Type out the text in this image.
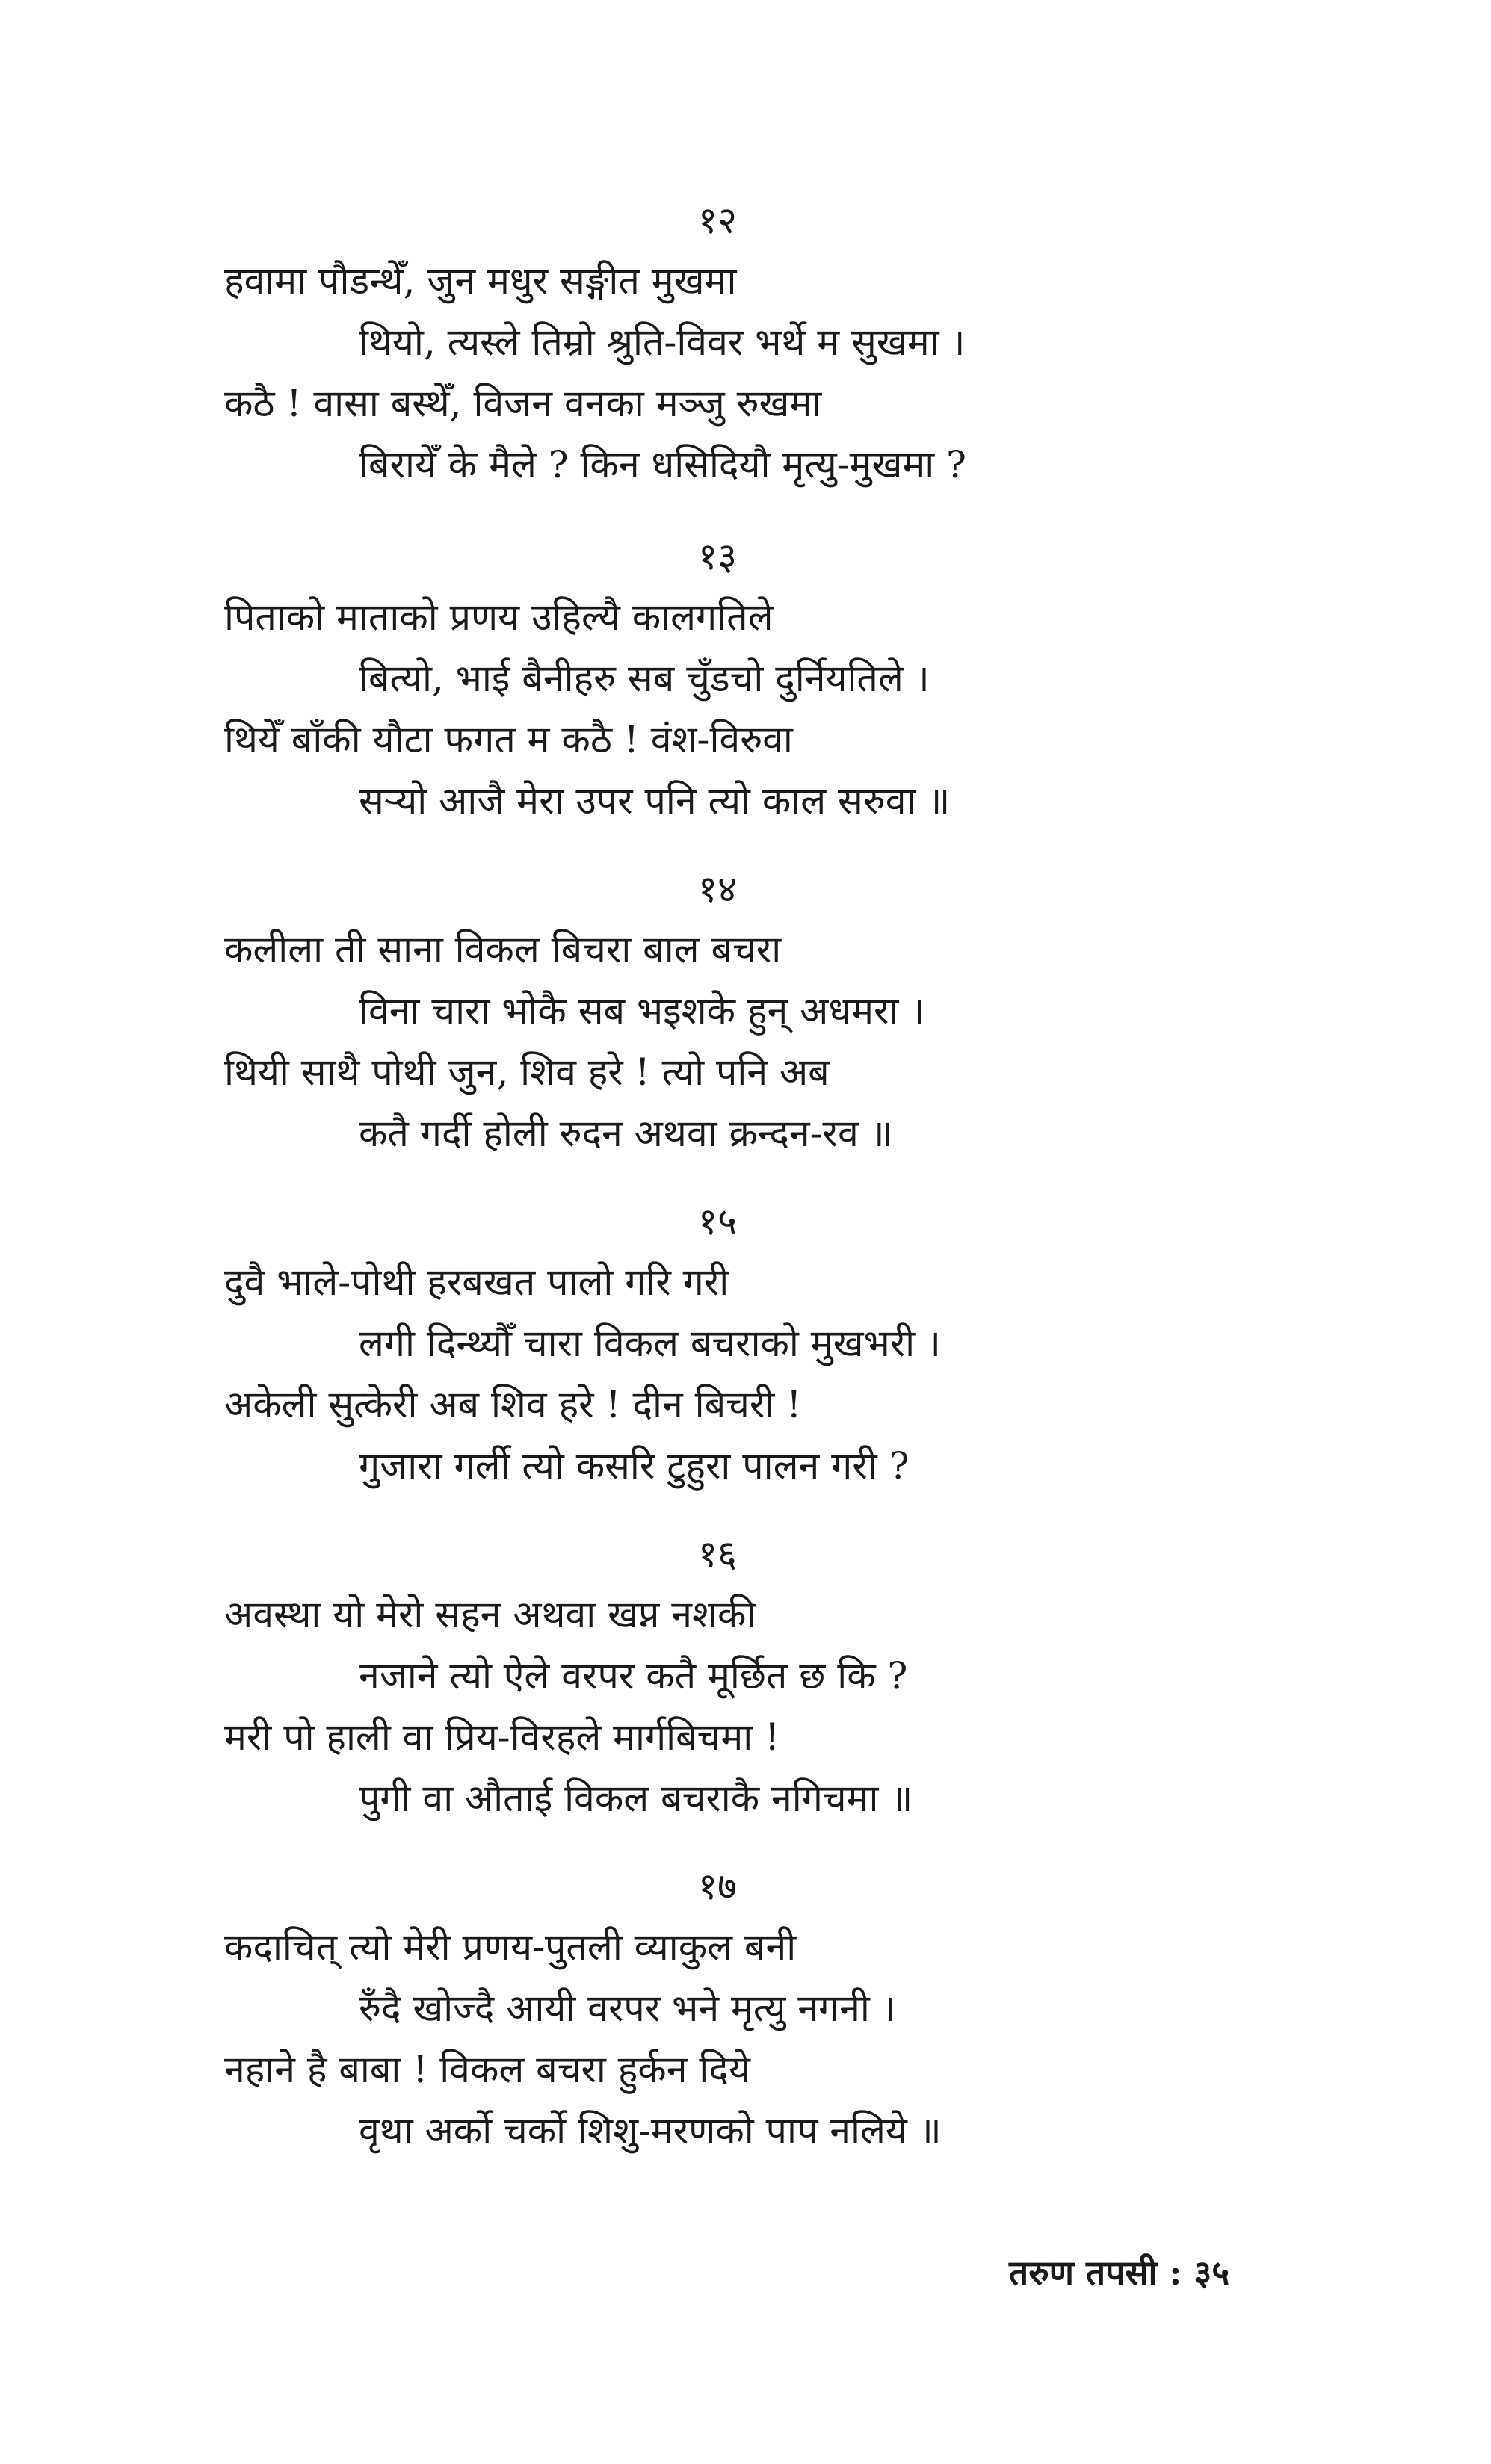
१२
हवामा पौडन्थेँ, जुन मधुर सङ्गीत मुखमा
थियो, त्यस्ले तिम्रो श्रुति-विवर भर्थे म सुखमा ।
कठै ! वासा बस्थेँ, विजन वनका मञ्जु रुखमा
बिरायेँ के मैले ? किन धसिदियौ मृत्यु-मुखमा ?
१३
पिताको माताको प्रणय उहिल्यै कालगतिले
बित्यो, भाई बैनीहरु सब चुँडचो दुर्नियतिले ।
थियेँ बाँकी यौटा फगत म कठै ! वंश-विरुवा
सऱ्यो आजै मेरा उपर पनि त्यो काल सरुवा ॥
१४
कलीला ती साना विकल बिचरा बाल बचरा
विना चारा भोकै सब भइशके हुन् अधमरा ।
थियी साथै पोथी जुन, शिव हरे ! त्यो पनि अब
कतै गर्दी होली रुदन अथवा क्रन्दन-रव ॥
१५
दुवै भाले-पोथी हरबखत पालो गरि गरी
लगी दिन्थ्यौँ चारा विकल बचराको मुखभरी ।
अकेली सुत्केरी अब शिव हरे ! दीन बिचरी !
गुजारा गर्ली त्यो कसरि टुहुरा पालन गरी ?
१६
अवस्था यो मेरो सहन अथवा खप्न नशकी
नजाने त्यो ऐले वरपर कतै मूर्छित छ कि ?
मरी पो हाली वा प्रिय-विरहले मार्गबिचमा !
पुगी वा औताई विकल बचराकै नगिचमा ॥
१७
कदाचित् त्यो मेरी प्रणय-पुतली व्याकुल बनी
रुँदै खोज्दै आयी वरपर भने मृत्यु नगनी ।
नहाने है बाबा ! विकल बचरा हुर्कन दिये
वृथा अर्को चर्को शिशु-मरणको पाप नलिये ॥
तरुण तपसी : ३५
